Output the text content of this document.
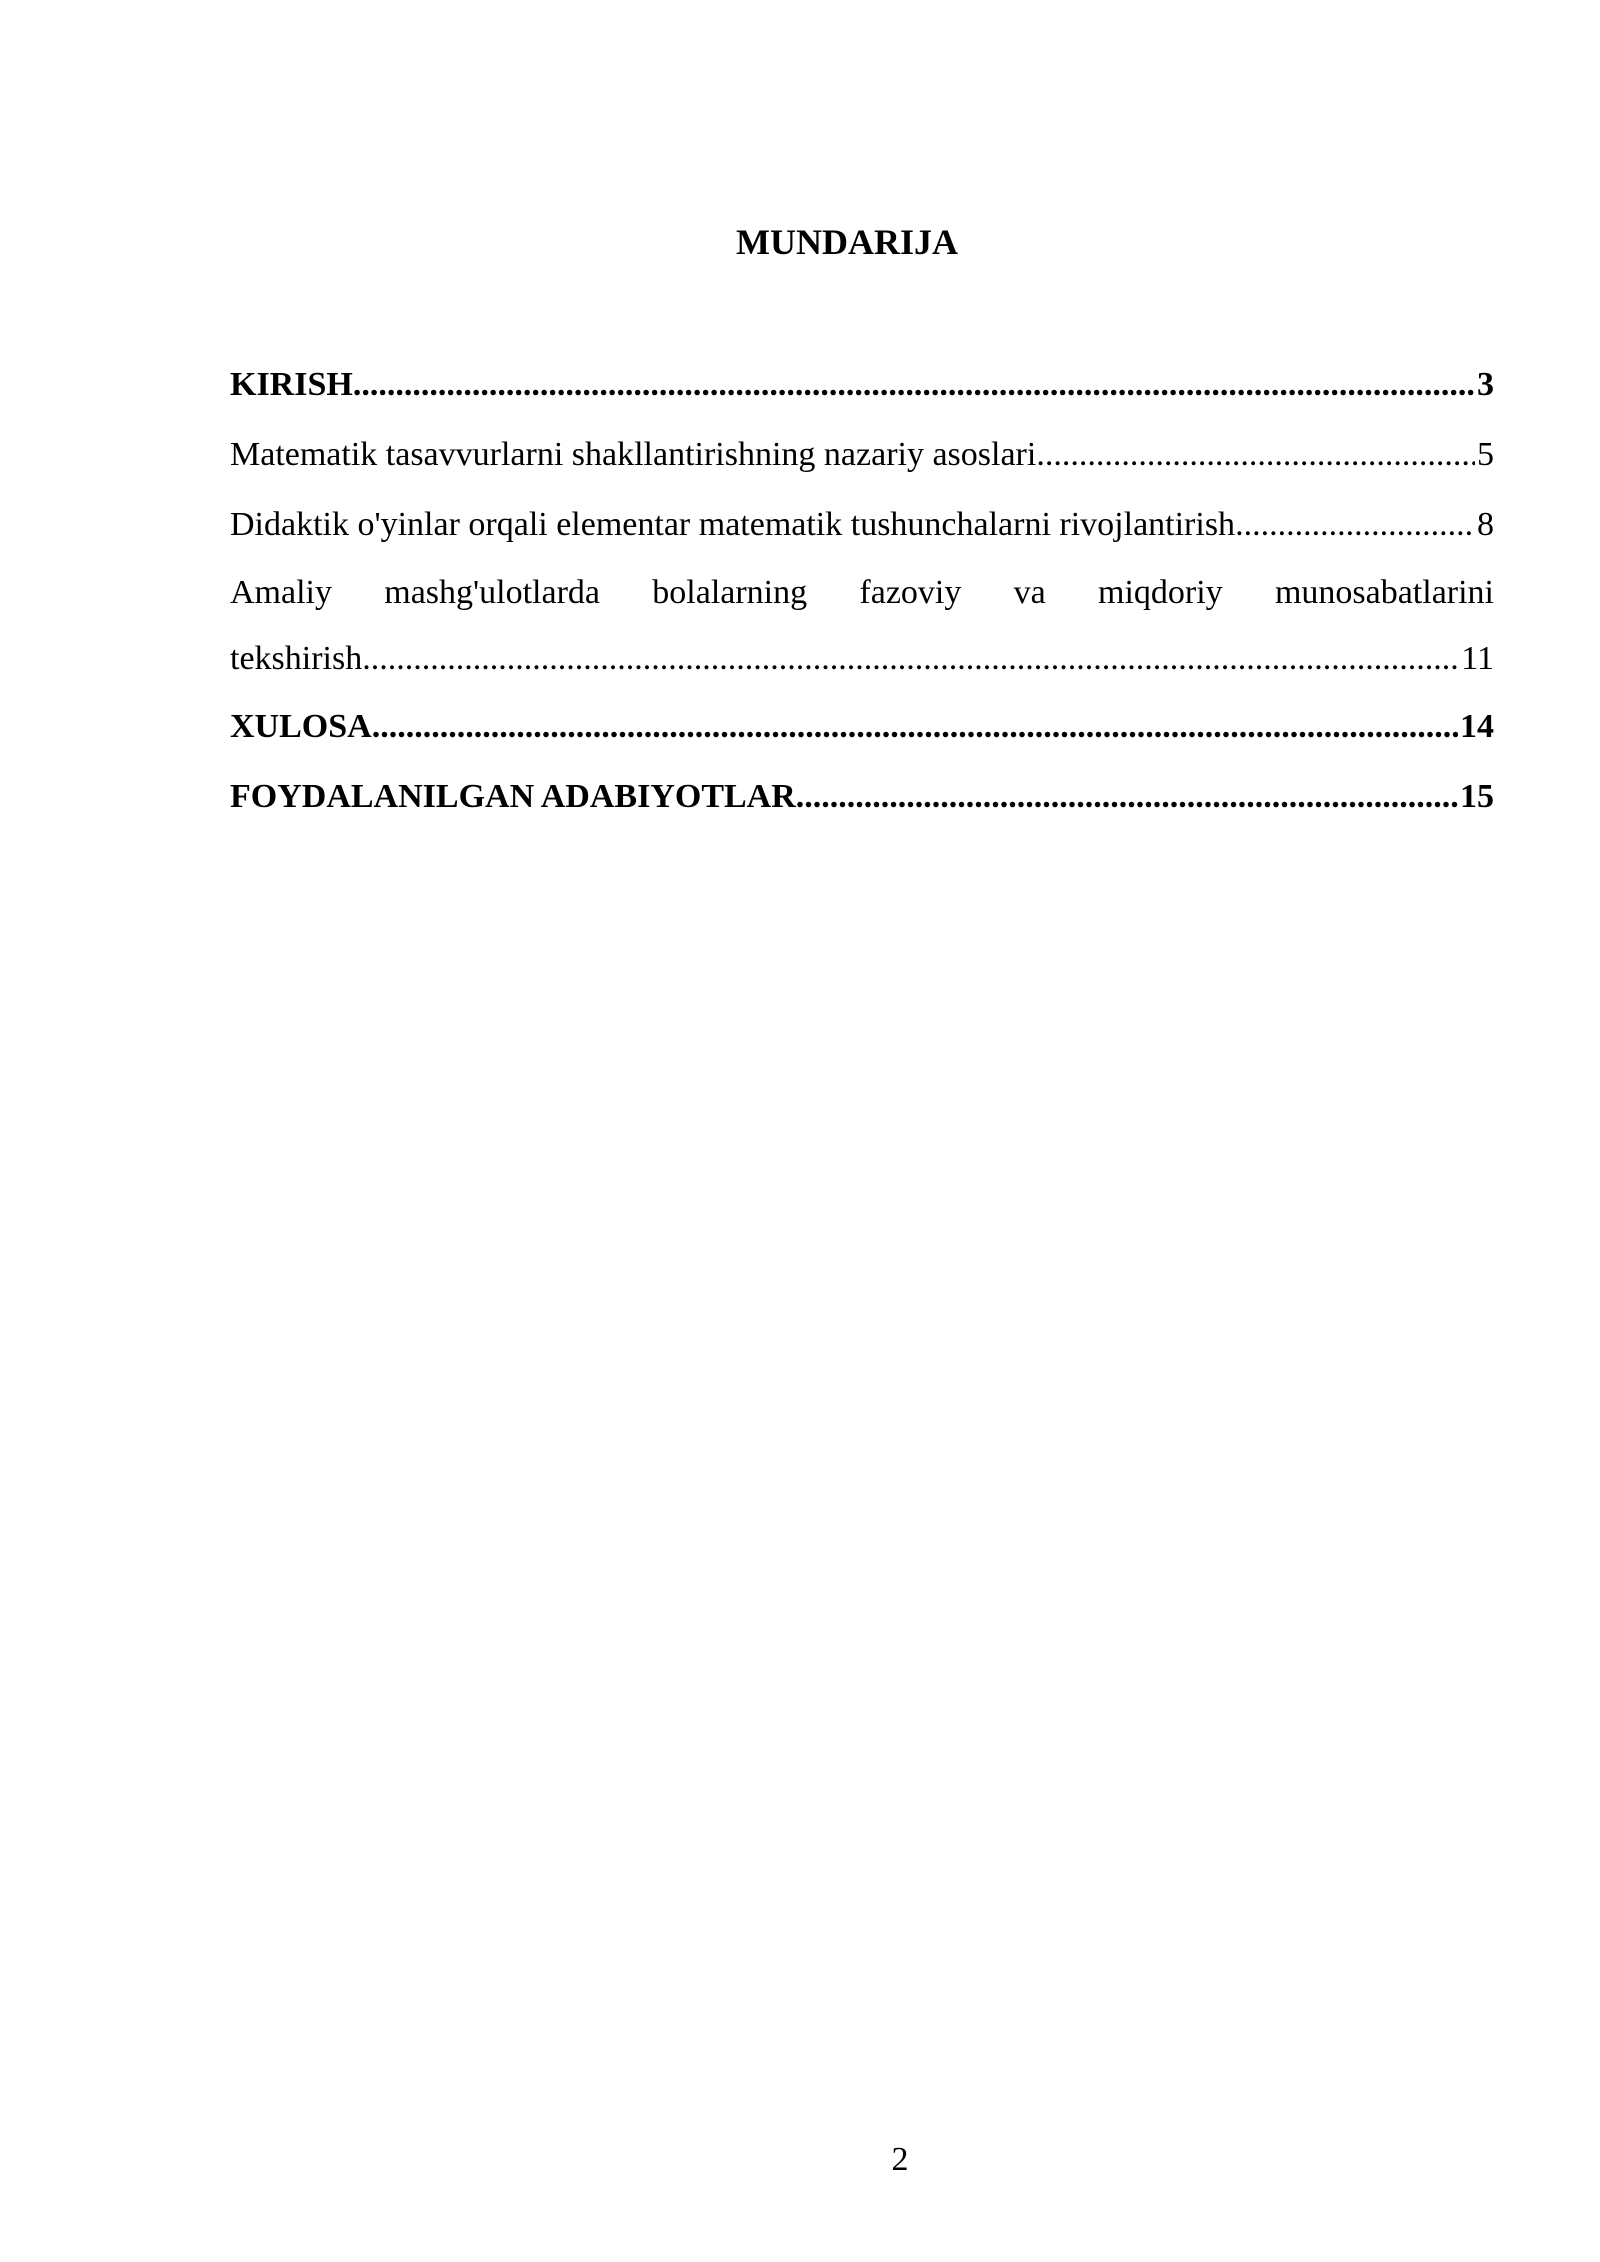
MUNDARIJA
KIRISH .....	3
Matematik tasavvurlarni shakllantirishning nazariy asoslari .....	5
Didaktik o'yinlar orqali elementar matematik tushunchalarni rivojlantirish .....	8
Amaliy mashg'ulotlarda bolalarning fazoviy va miqdoriy munosabatlarini
tekshirish .....	11
XULOSA .....	14
FOYDALANILGAN ADABIYOTLAR .....	15
2
